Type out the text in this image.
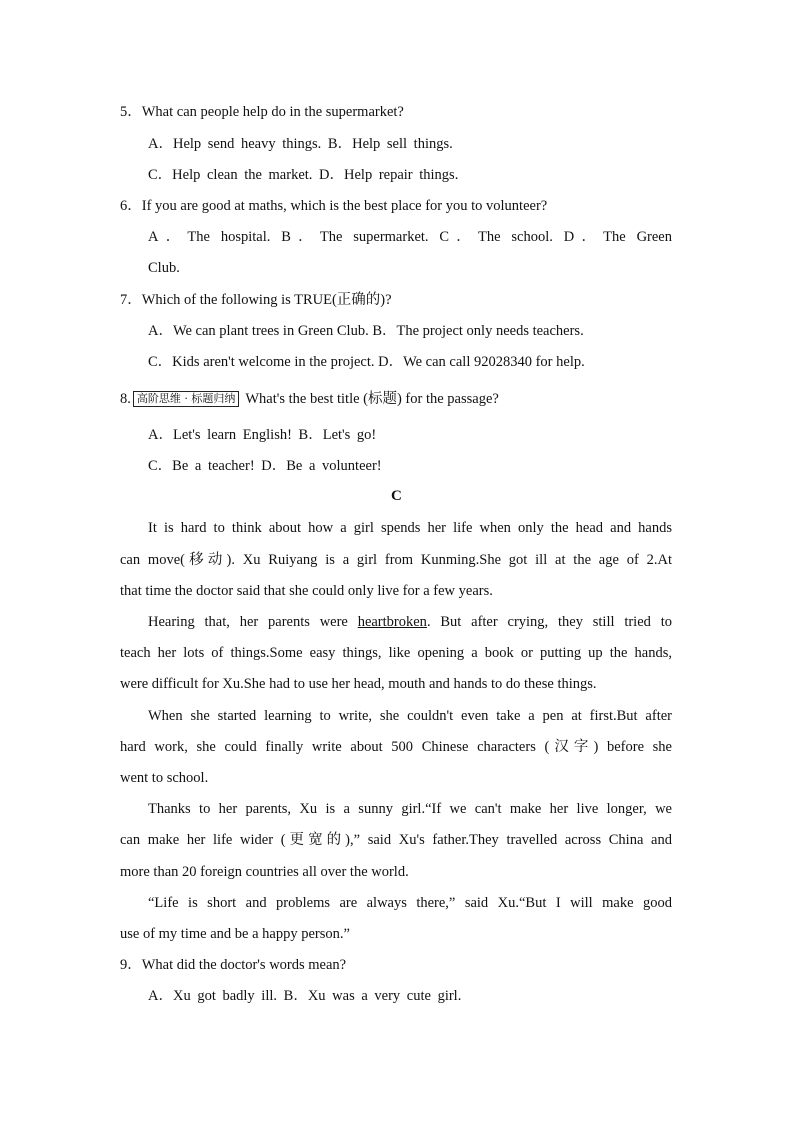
5．What can people help do in the supermarket?
A．Help send heavy things. B．Help sell things.
C．Help clean the market. D．Help repair things.
6．If you are good at maths, which is the best place for you to volunteer?
A．The hospital. B．The supermarket. C．The school. D．The Green
Club.
7．Which of the following is TRUE(正确的)?
A．We can plant trees in Green Club. B．The project only needs teachers.
C．Kids aren't welcome in the project. D．We can call 92028340 for help.
8. 高阶思维 · 标题归纳 What's the best title (标题) for the passage?
A．Let's learn English! B．Let's go!
C．Be a teacher! D．Be a volunteer!
C
It is hard to think about how a girl spends her life when only the head and hands
can move(移动). Xu Ruiyang is a girl from Kunming.She got ill at the age of 2.At
that time the doctor said that she could only live for a few years.
Hearing that, her parents were heartbroken. But after crying, they still tried to
teach her lots of things.Some easy things, like opening a book or putting up the hands,
were difficult for Xu.She had to use her head, mouth and hands to do these things.
When she started learning to write, she couldn't even take a pen at first.But after
hard work, she could finally write about 500 Chinese characters (汉字) before she
went to school.
Thanks to her parents, Xu is a sunny girl.“If we can't make her live longer, we
can make her life wider (更宽的),” said Xu's father.They travelled across China and
more than 20 foreign countries all over the world.
“Life is short and problems are always there,” said Xu.“But I will make good
use of my time and be a happy person.”
9．What did the doctor's words mean?
A．Xu got badly ill. B．Xu was a very cute girl.
